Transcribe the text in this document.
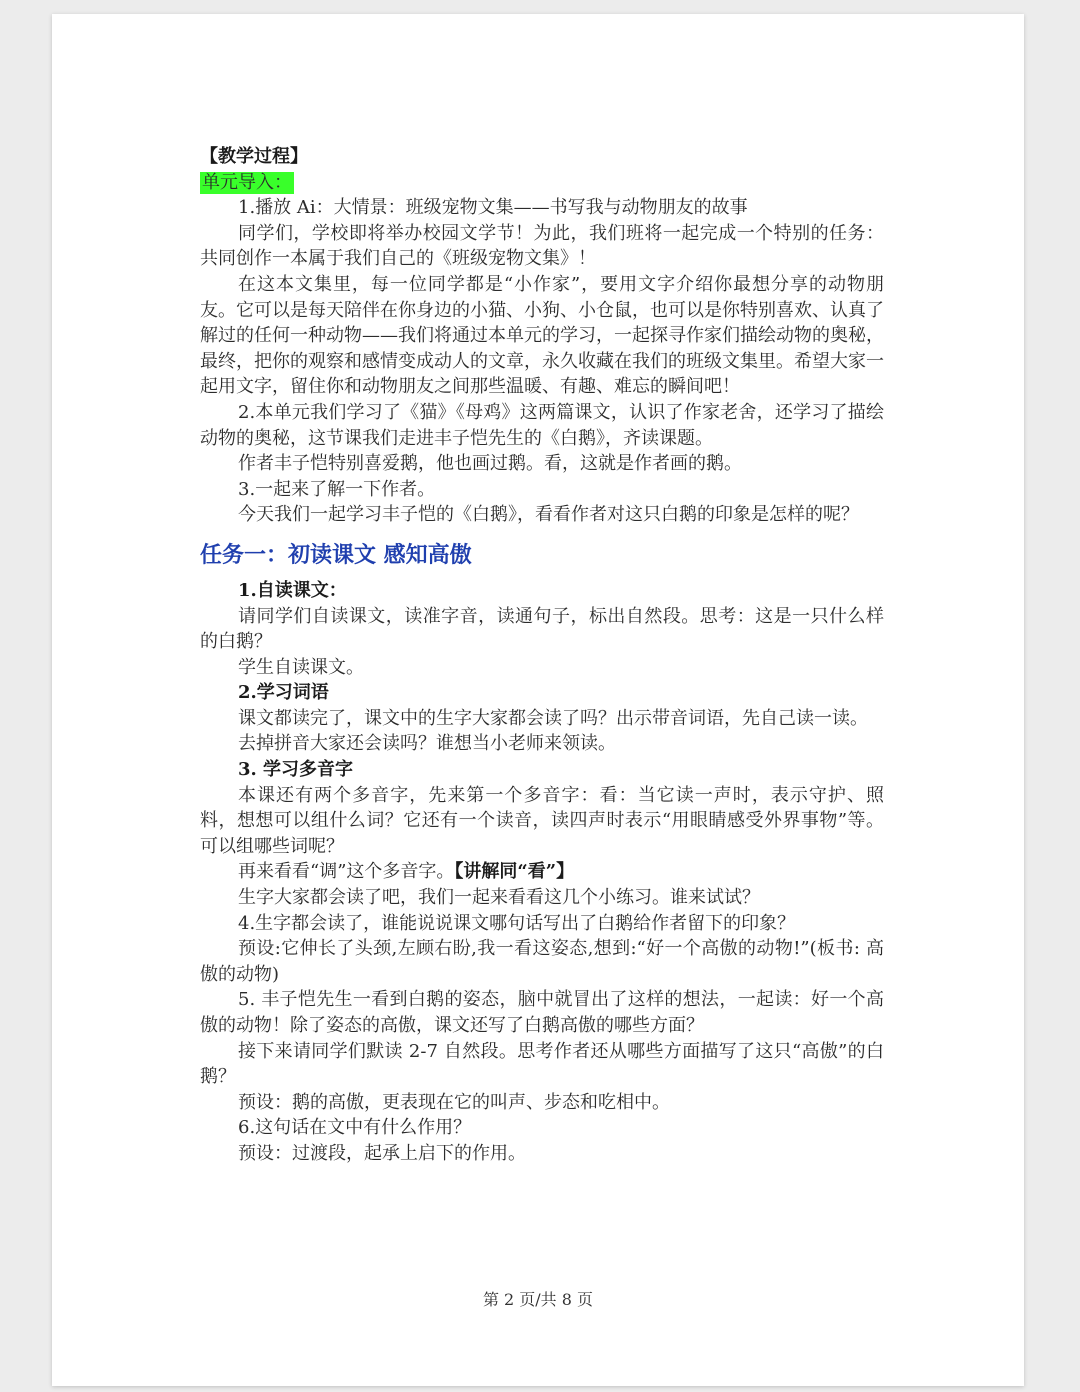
【教学过程】

单元导入：

1.播放 Ai：大情景：班级宠物文集——书写我与动物朋友的故事

同学们，学校即将举办校园文学节！为此，我们班将一起完成一个特别的任务：共同创作一本属于我们自己的《班级宠物文集》！

在这本文集里，每一位同学都是“小作家”，要用文字介绍你最想分享的动物朋友。它可以是每天陪伴在你身边的小猫、小狗、小仓鼠，也可以是你特别喜欢、认真了解过的任何一种动物——我们将通过本单元的学习，一起探寻作家们描绘动物的奥秘，最终，把你的观察和感情变成动人的文章，永久收藏在我们的班级文集里。希望大家一起用文字，留住你和动物朋友之间那些温暖、有趣、难忘的瞬间吧！

2.本单元我们学习了《猫》《母鸡》这两篇课文，认识了作家老舍，还学习了描绘动物的奥秘，这节课我们走进丰子恺先生的《白鹅》，齐读课题。

作者丰子恺特别喜爱鹅，他也画过鹅。看，这就是作者画的鹅。

3.一起来了解一下作者。

今天我们一起学习丰子恺的《白鹅》，看看作者对这只白鹅的印象是怎样的呢？

任务一：初读课文 感知高傲

1.自读课文：

请同学们自读课文，读准字音，读通句子，标出自然段。思考：这是一只什么样的白鹅？

学生自读课文。

2.学习词语

课文都读完了，课文中的生字大家都会读了吗？出示带音词语，先自己读一读。

去掉拼音大家还会读吗？谁想当小老师来领读。

3. 学习多音字

本课还有两个多音字，先来第一个多音字：看：当它读一声时，表示守护、照料，想想可以组什么词？它还有一个读音，读四声时表示“用眼睛感受外界事物”等。可以组哪些词呢？

再来看看“调”这个多音字。【讲解同“看”】

生字大家都会读了吧，我们一起来看看这几个小练习。谁来试试？

4.生字都会读了，谁能说说课文哪句话写出了白鹅给作者留下的印象？

预设:它伸长了头颈,左顾右盼,我一看这姿态,想到:“好一个高傲的动物!”(板书: 高傲的动物)

5. 丰子恺先生一看到白鹅的姿态，脑中就冒出了这样的想法，一起读：好一个高傲的动物！除了姿态的高傲，课文还写了白鹅高傲的哪些方面？

接下来请同学们默读 2-7 自然段。思考作者还从哪些方面描写了这只“高傲”的白鹅？

预设：鹅的高傲，更表现在它的叫声、步态和吃相中。

6.这句话在文中有什么作用？

预设：过渡段，起承上启下的作用。

第 2 页/共 8 页
